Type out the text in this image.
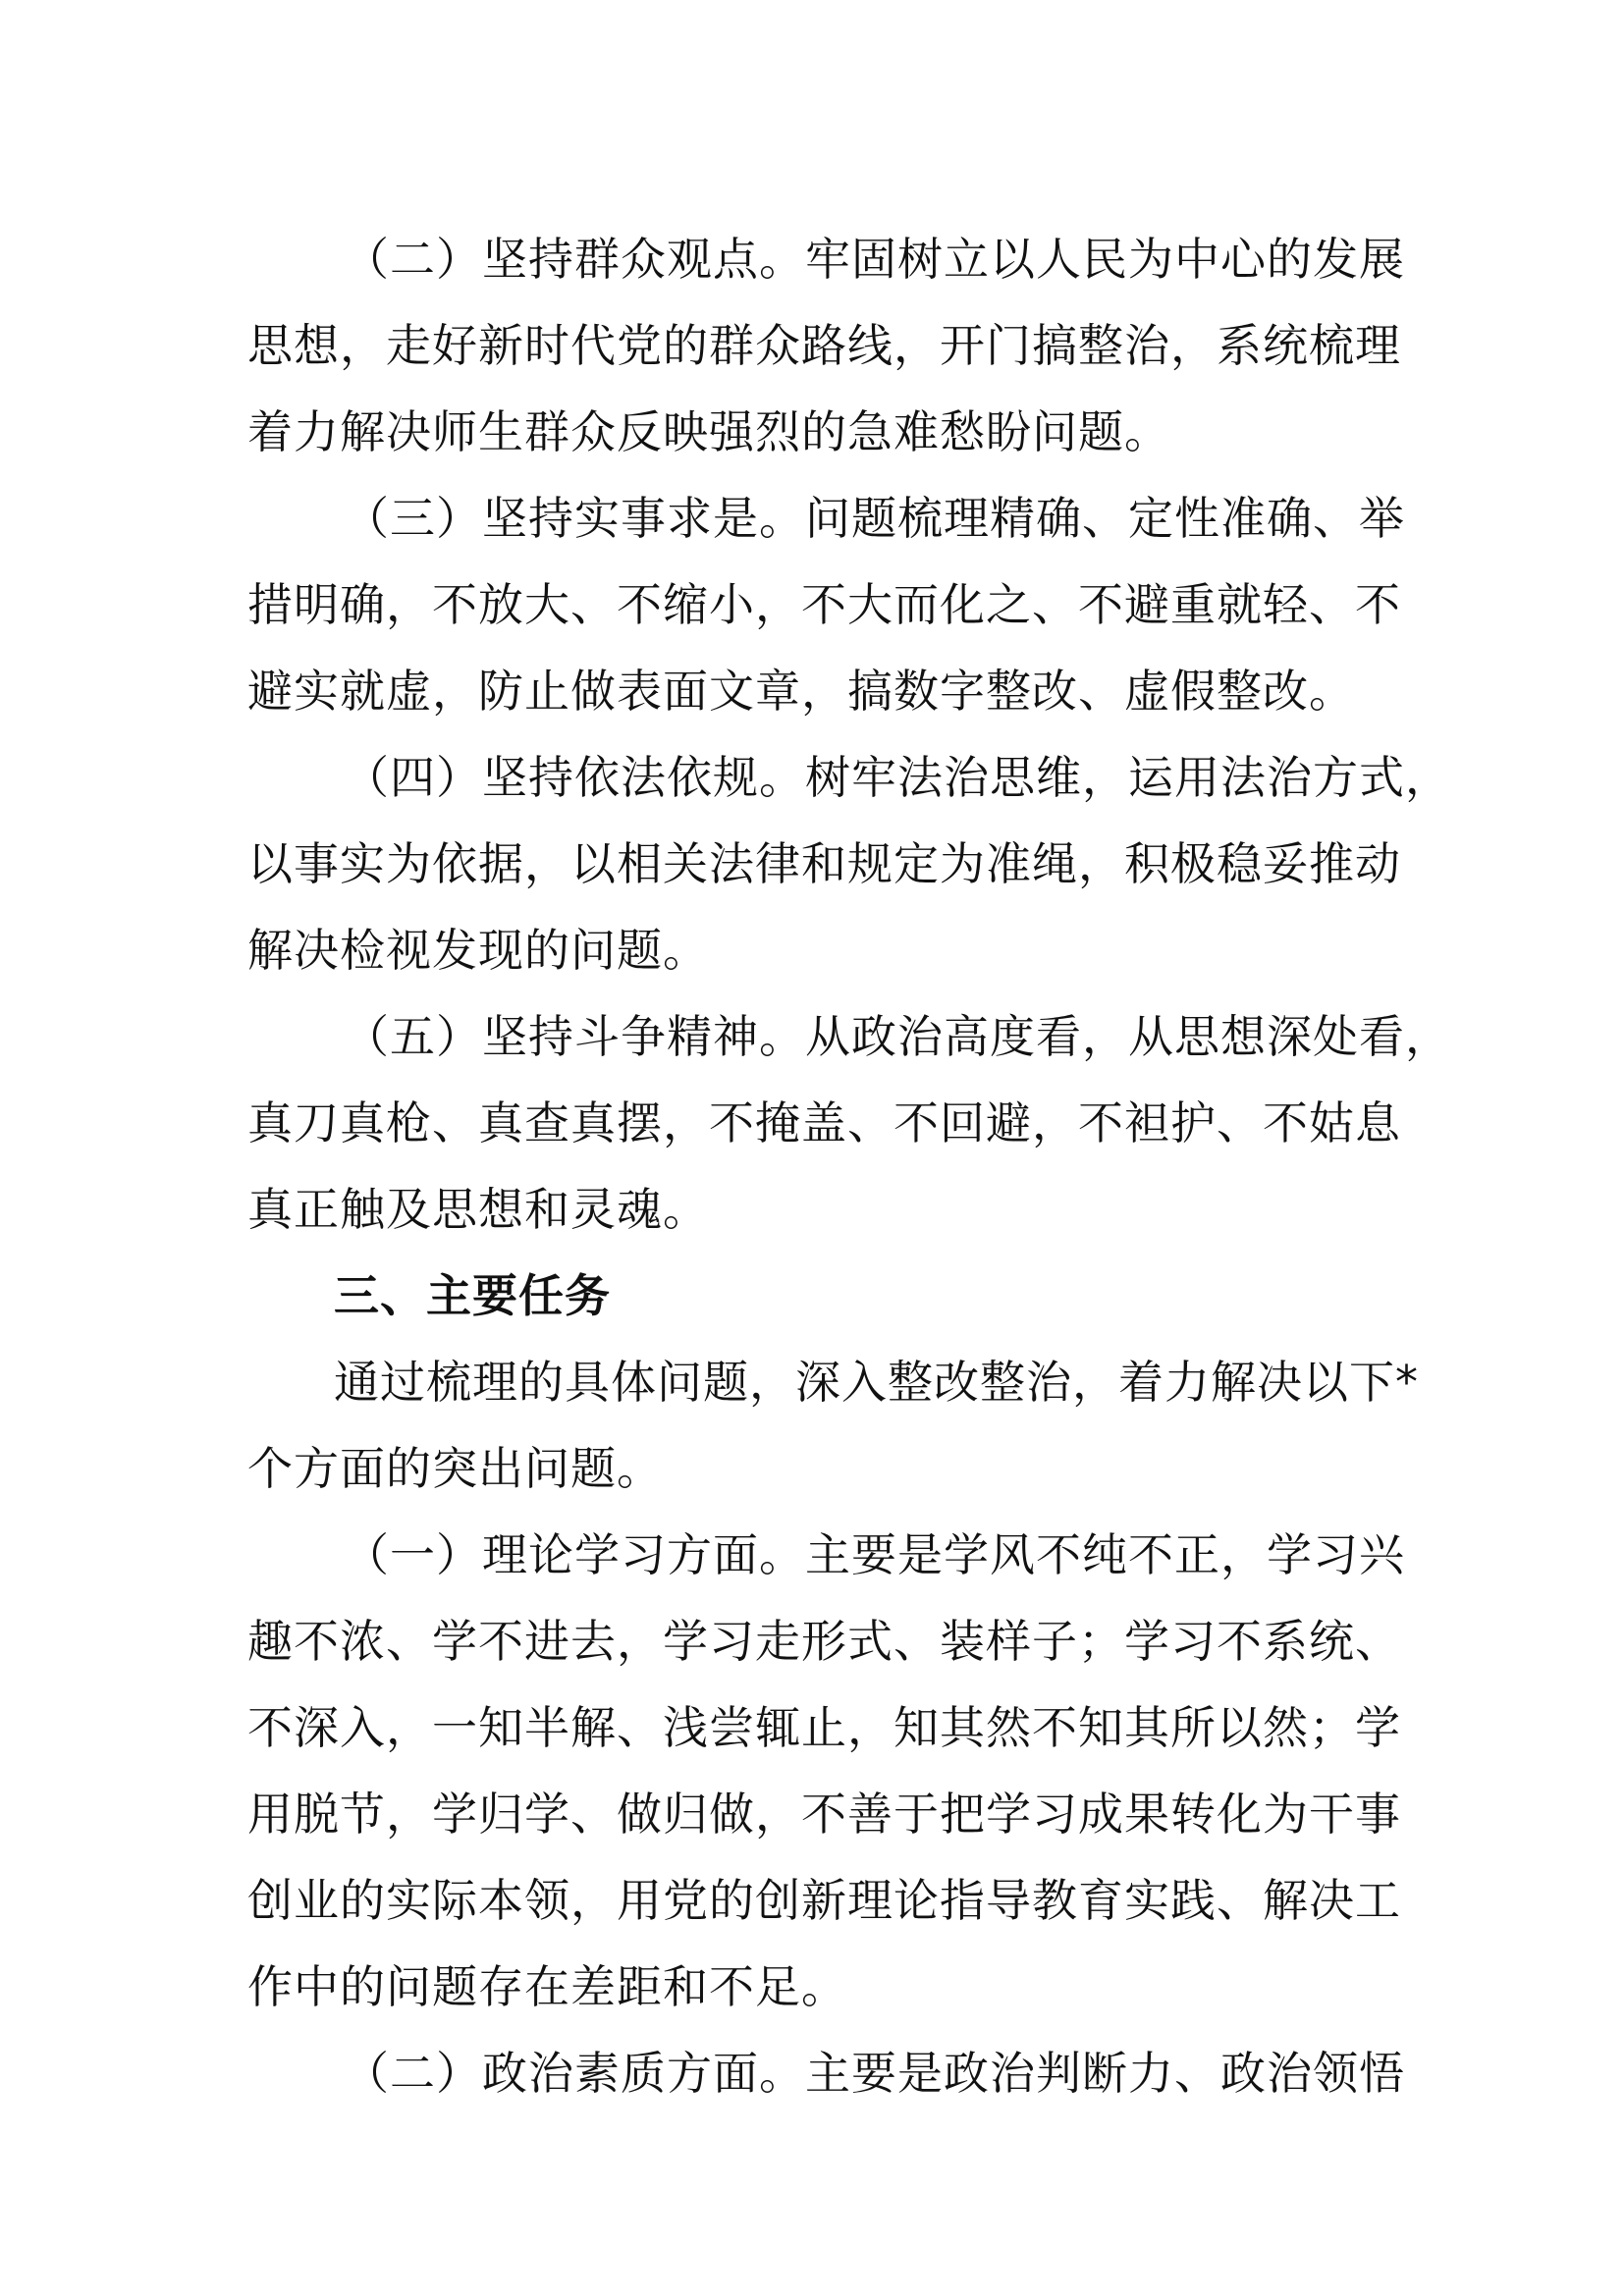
（二）坚持群众观点。牢固树立以人民为中心的发展
思想，走好新时代党的群众路线，开门搞整治，系统梳理
着力解决师生群众反映强烈的急难愁盼问题。
（三）坚持实事求是。问题梳理精确、定性准确、举
措明确，不放大、不缩小，不大而化之、不避重就轻、不
避实就虚，防止做表面文章，搞数字整改、虚假整改。
（四）坚持依法依规。树牢法治思维，运用法治方式，
以事实为依据，以相关法律和规定为准绳，积极稳妥推动
解决检视发现的问题。
（五）坚持斗争精神。从政治高度看，从思想深处看，
真刀真枪、真查真摆，不掩盖、不回避，不袒护、不姑息
真正触及思想和灵魂。
三、主要任务
通过梳理的具体问题，深入整改整治，着力解决以下*
个方面的突出问题。
（一）理论学习方面。主要是学风不纯不正，学习兴
趣不浓、学不进去，学习走形式、装样子；学习不系统、
不深入，一知半解、浅尝辄止，知其然不知其所以然；学
用脱节，学归学、做归做，不善于把学习成果转化为干事
创业的实际本领，用党的创新理论指导教育实践、解决工
作中的问题存在差距和不足。
（二）政治素质方面。主要是政治判断力、政治领悟
